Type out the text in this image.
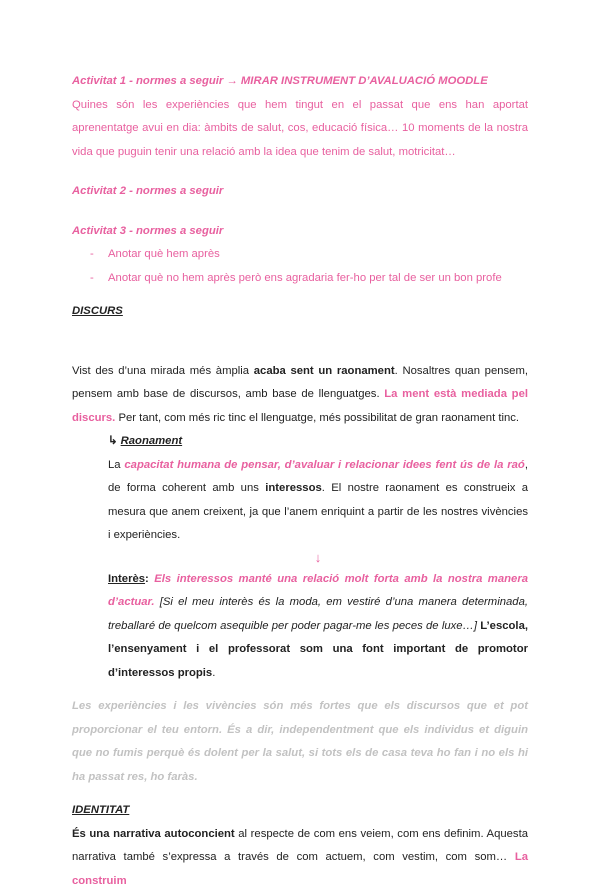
Activitat 1 - normes a seguir → MIRAR INSTRUMENT D’AVALUACIÓ MOODLE

Quines són les experiències que hem tingut en el passat que ens han aportat aprenentatge avui en dia: àmbits de salut, cos, educació física… 10 moments de la nostra vida que puguin tenir una relació amb la idea que tenim de salut, motricitat…

Activitat 2 - normes a seguir

Activitat 3 - normes a seguir

- Anotar què hem après
- Anotar què no hem après però ens agradaria fer-ho per tal de ser un bon profe

DISCURS

Vist des d’una mirada més àmplia acaba sent un raonament. Nosaltres quan pensem, pensem amb base de discursos, amb base de llenguatges. La ment està mediada pel discurs. Per tant, com més ric tinc el llenguatge, més possibilitat de gran raonament tinc.

↳ Raonament

La capacitat humana de pensar, d’avaluar i relacionar idees fent ús de la raó, de forma coherent amb uns interessos. El nostre raonament es construeix a mesura que anem creixent, ja que l’anem enriquint a partir de les nostres vivències i experiències.

↓

Interès: Els interessos manté una relació molt forta amb la nostra manera d’actuar. [Si el meu interès és la moda, em vestiré d’una manera determinada, treballaré de quelcom asequible per poder pagar-me les peces de luxe…] L’escola, l’ensenyament i el professorat som una font important de promotor d’interessos propis.

Les experiències i les vivències són més fortes que els discursos que et pot proporcionar el teu entorn. És a dir, independentment que els individus et diguin que no fumis perquè és dolent per la salut, si tots els de casa teva ho fan i no els hi ha passat res, ho faràs.

IDENTITAT

És una narrativa autoconcient al respecte de com ens veiem, com ens definim. Aquesta narrativa també s’expressa a través de com actuem, com vestim, com som… La construim
